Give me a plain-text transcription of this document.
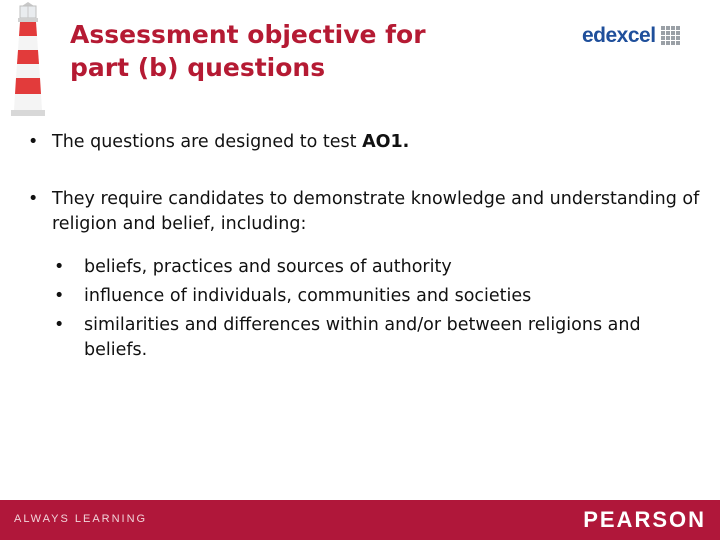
Assessment objective for
part (b) questions
edexcel
• The questions are designed to test AO1.
• They require candidates to demonstrate knowledge and understanding of religion and belief, including:
• beliefs, practices and sources of authority
• influence of individuals, communities and societies
• similarities and differences within and/or between religions and beliefs.
ALWAYS LEARNING	PEARSON
